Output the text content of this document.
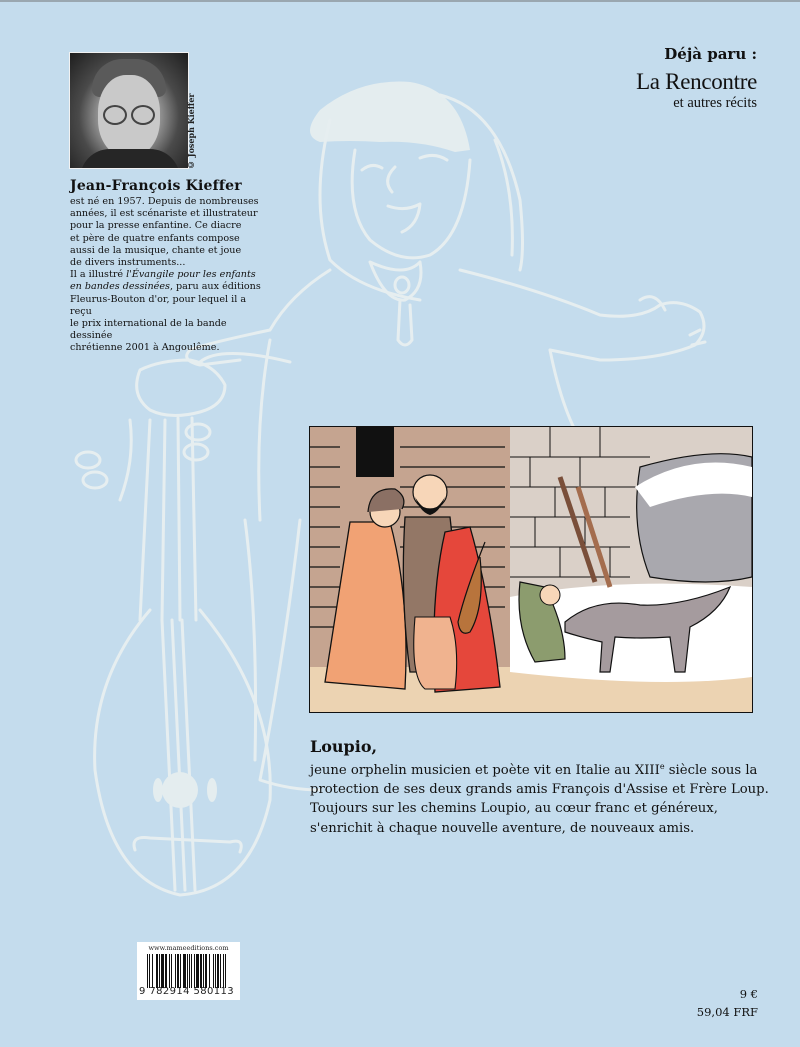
© Joseph Kieffer
Jean-François Kieffer
est né en 1957. Depuis de nombreuses
années, il est scénariste et illustrateur
pour la presse enfantine. Ce diacre
et père de quatre enfants compose
aussi de la musique, chante et joue
de divers instruments...
Il a illustré l'Évangile pour les enfants
en bandes dessinées, paru aux éditions
Fleurus-Bouton d'or, pour lequel il a reçu
le prix international de la bande dessinée
chrétienne 2001 à Angoulême.
Déjà paru :
La Rencontre
et autres récits
Loupio,
jeune orphelin musicien et poète vit en Italie au XIIIe siècle sous la protection de ses deux grands amis François d'Assise et Frère Loup. Toujours sur les chemins Loupio, au cœur franc et généreux, s'enrichit à chaque nouvelle aventure, de nouveaux amis.
www.mameeditions.com
9 782914 580113	9 €
59,04 FRF
